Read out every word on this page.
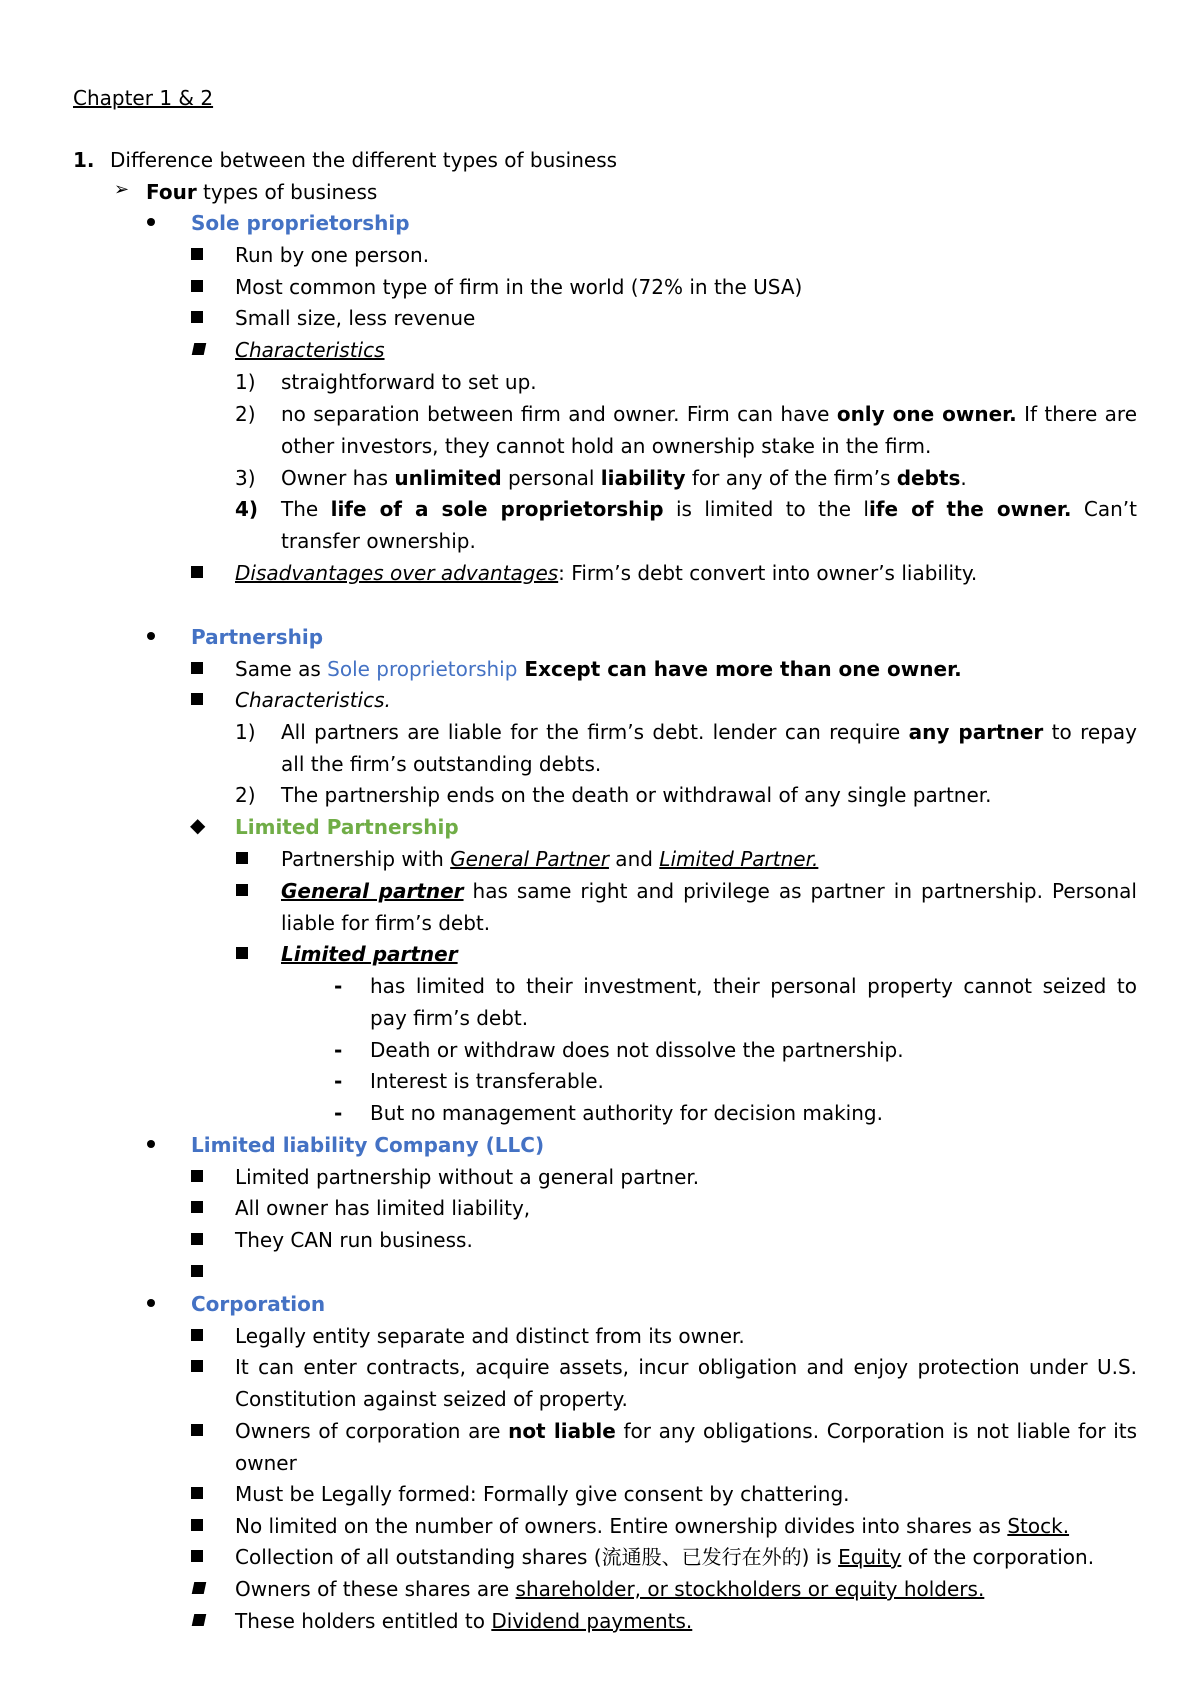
Chapter 1 & 2
1. Difference between the different types of business
➢ Four types of business
Sole proprietorship
Run by one person.
Most common type of firm in the world (72% in the USA)
Small size, less revenue
Characteristics
1) straightforward to set up.
2) no separation between firm and owner. Firm can have only one owner. If there are
other investors, they cannot hold an ownership stake in the firm.
3) Owner has unlimited personal liability for any of the firm’s debts.
4) The life of a sole proprietorship is limited to the life of the owner. Can’t
transfer ownership.
Disadvantages over advantages: Firm’s debt convert into owner’s liability.
Partnership
Same as Sole proprietorship Except can have more than one owner.
Characteristics.
1) All partners are liable for the firm’s debt. lender can require any partner to repay
all the firm’s outstanding debts.
2) The partnership ends on the death or withdrawal of any single partner.
◆ Limited Partnership
Partnership with General Partner and Limited Partner.
General partner has same right and privilege as partner in partnership. Personal
liable for firm’s debt.
Limited partner
- has limited to their investment, their personal property cannot seized to
pay firm’s debt.
- Death or withdraw does not dissolve the partnership.
- Interest is transferable.
- But no management authority for decision making.
Limited liability Company (LLC)
Limited partnership without a general partner.
All owner has limited liability,
They CAN run business.
Corporation
Legally entity separate and distinct from its owner.
It can enter contracts, acquire assets, incur obligation and enjoy protection under U.S.
Constitution against seized of property.
Owners of corporation are not liable for any obligations. Corporation is not liable for its
owner
Must be Legally formed: Formally give consent by chattering.
No limited on the number of owners. Entire ownership divides into shares as Stock.
Collection of all outstanding shares (流通股、已发行在外的) is Equity of the corporation.
Owners of these shares are shareholder, or stockholders or equity holders.
These holders entitled to Dividend payments.
